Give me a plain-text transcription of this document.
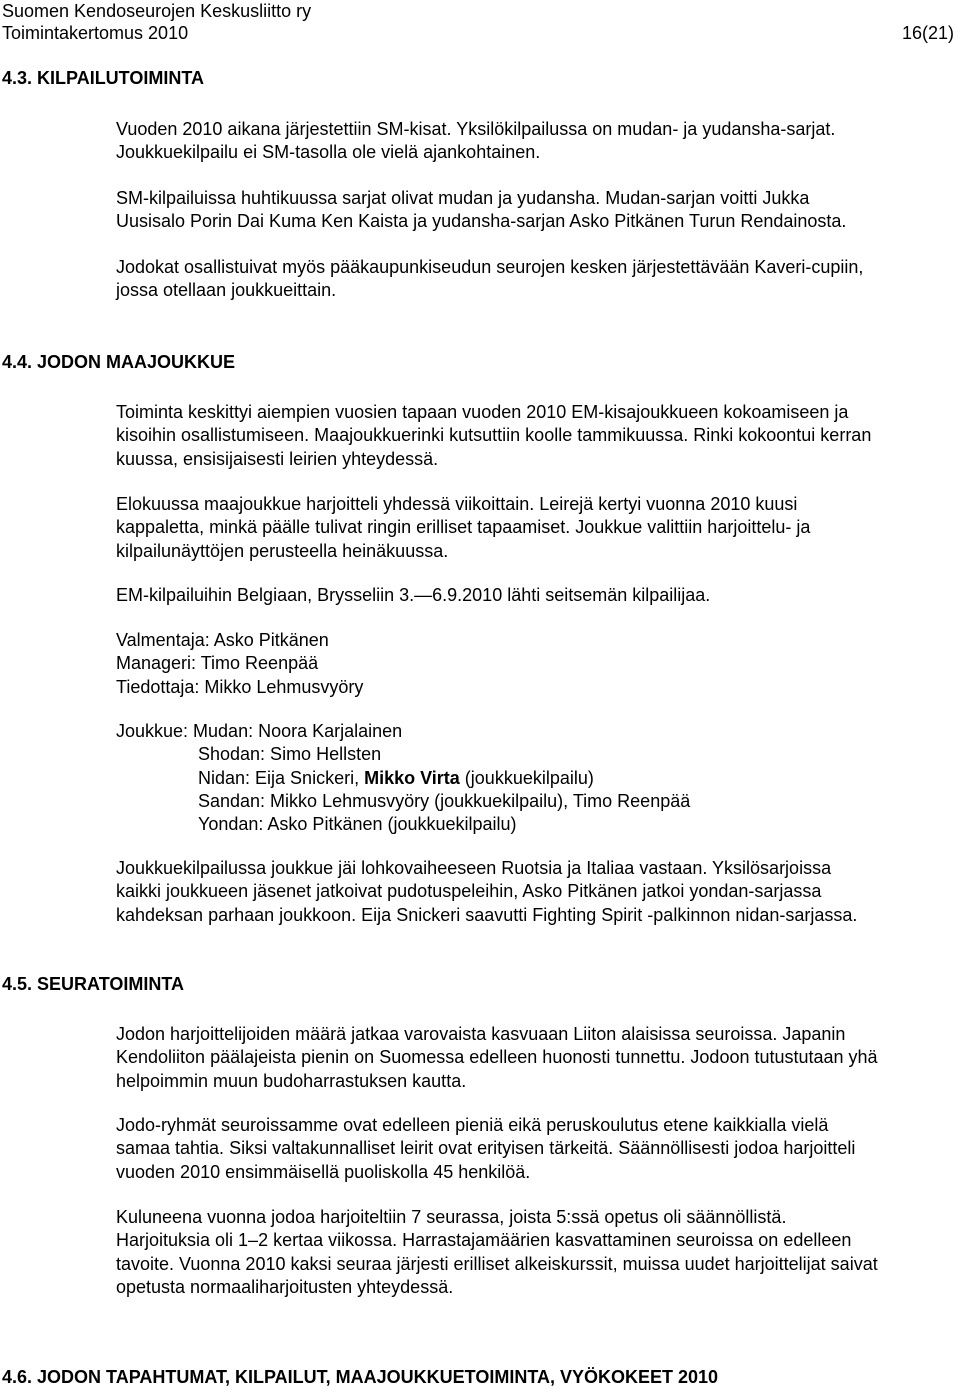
Suomen Kendoseurojen Keskusliitto ry
Toimintakertomus 2010	16(21)
4.3. KILPAILUTOIMINTA
Vuoden 2010 aikana järjestettiin SM-kisat. Yksilökilpailussa on mudan- ja yudansha-sarjat.
Joukkuekilpailu ei SM-tasolla ole vielä ajankohtainen.
SM-kilpailuissa huhtikuussa sarjat olivat mudan ja yudansha. Mudan-sarjan voitti Jukka
Uusisalo Porin Dai Kuma Ken Kaista ja yudansha-sarjan Asko Pitkänen Turun Rendainosta.
Jodokat osallistuivat myös pääkaupunkiseudun seurojen kesken järjestettävään Kaveri-cupiin,
jossa otellaan joukkueittain.
4.4. JODON MAAJOUKKUE
Toiminta keskittyi aiempien vuosien tapaan vuoden 2010 EM-kisajoukkueen kokoamiseen ja
kisoihin osallistumiseen. Maajoukkuerinki kutsuttiin koolle tammikuussa. Rinki kokoontui kerran
kuussa, ensisijaisesti leirien yhteydessä.
Elokuussa maajoukkue harjoitteli yhdessä viikoittain. Leirejä kertyi vuonna 2010 kuusi
kappaletta, minkä päälle tulivat ringin erilliset tapaamiset. Joukkue valittiin harjoittelu- ja
kilpailunäyttöjen perusteella heinäkuussa.
EM-kilpailuihin Belgiaan, Brysseliin 3.—6.9.2010 lähti seitsemän kilpailijaa.
Valmentaja: Asko Pitkänen
Manageri: Timo Reenpää
Tiedottaja: Mikko Lehmusvyöry
Joukkue: Mudan: Noora Karjalainen
Shodan: Simo Hellsten
Nidan: Eija Snickeri, Mikko Virta (joukkuekilpailu)
Sandan: Mikko Lehmusvyöry (joukkuekilpailu), Timo Reenpää
Yondan: Asko Pitkänen (joukkuekilpailu)
Joukkuekilpailussa joukkue jäi lohkovaiheeseen Ruotsia ja Italiaa vastaan. Yksilösarjoissa
kaikki joukkueen jäsenet jatkoivat pudotuspeleihin, Asko Pitkänen jatkoi yondan-sarjassa
kahdeksan parhaan joukkoon. Eija Snickeri saavutti Fighting Spirit -palkinnon nidan-sarjassa.
4.5. SEURATOIMINTA
Jodon harjoittelijoiden määrä jatkaa varovaista kasvuaan Liiton alaisissa seuroissa. Japanin
Kendoliiton päälajeista pienin on Suomessa edelleen huonosti tunnettu. Jodoon tutustutaan yhä
helpoimmin muun budoharrastuksen kautta.
Jodo-ryhmät seuroissamme ovat edelleen pieniä eikä peruskoulutus etene kaikkialla vielä
samaa tahtia. Siksi valtakunnalliset leirit ovat erityisen tärkeitä. Säännöllisesti jodoa harjoitteli
vuoden 2010 ensimmäisellä puoliskolla 45 henkilöä.
Kuluneena vuonna jodoa harjoiteltiin 7 seurassa, joista 5:ssä opetus oli säännöllistä.
Harjoituksia oli 1–2 kertaa viikossa. Harrastajamäärien kasvattaminen seuroissa on edelleen
tavoite. Vuonna 2010 kaksi seuraa järjesti erilliset alkeiskurssit, muissa uudet harjoittelijat saivat
opetusta normaaliharjoitusten yhteydessä.
4.6. JODON TAPAHTUMAT, KILPAILUT, MAAJOUKKUETOIMINTA, VYÖKOKEET 2010
